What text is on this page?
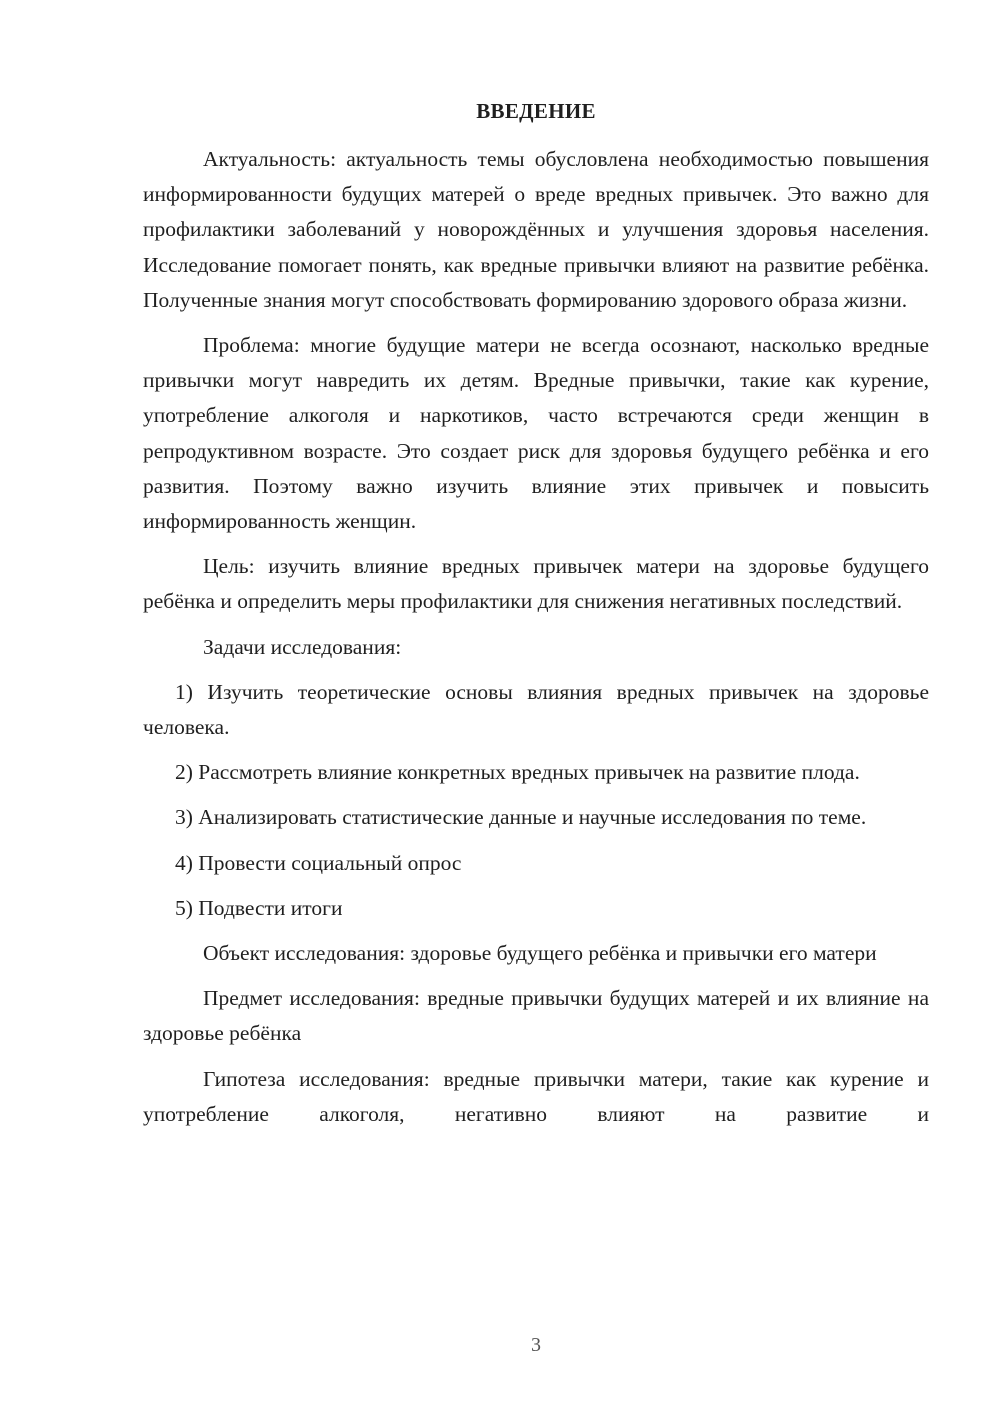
ВВЕДЕНИЕ

Актуальность: актуальность темы обусловлена необходимостью повышения информированности будущих матерей о вреде вредных привычек. Это важно для профилактики заболеваний у новорождённых и улучшения здоровья населения. Исследование помогает понять, как вредные привычки влияют на развитие ребёнка. Полученные знания могут способствовать формированию здорового образа жизни.

Проблема: многие будущие матери не всегда осознают, насколько вредные привычки могут навредить их детям. Вредные привычки, такие как курение, употребление алкоголя и наркотиков, часто встречаются среди женщин в репродуктивном возрасте. Это создает риск для здоровья будущего ребёнка и его развития. Поэтому важно изучить влияние этих привычек и повысить информированность женщин.

Цель: изучить влияние вредных привычек матери на здоровье будущего ребёнка и определить меры профилактики для снижения негативных последствий.

Задачи исследования:

1) Изучить теоретические основы влияния вредных привычек на здоровье человека.

2) Рассмотреть влияние конкретных вредных привычек на развитие плода.

3) Анализировать статистические данные и научные исследования по теме.

4) Провести социальный опрос

5) Подвести итоги

Объект исследования: здоровье будущего ребёнка и привычки его матери

Предмет исследования: вредные привычки будущих матерей и их влияние на здоровье ребёнка

Гипотеза исследования: вредные привычки матери, такие как курение и употребление алкоголя, негативно влияют на развитие и

3
